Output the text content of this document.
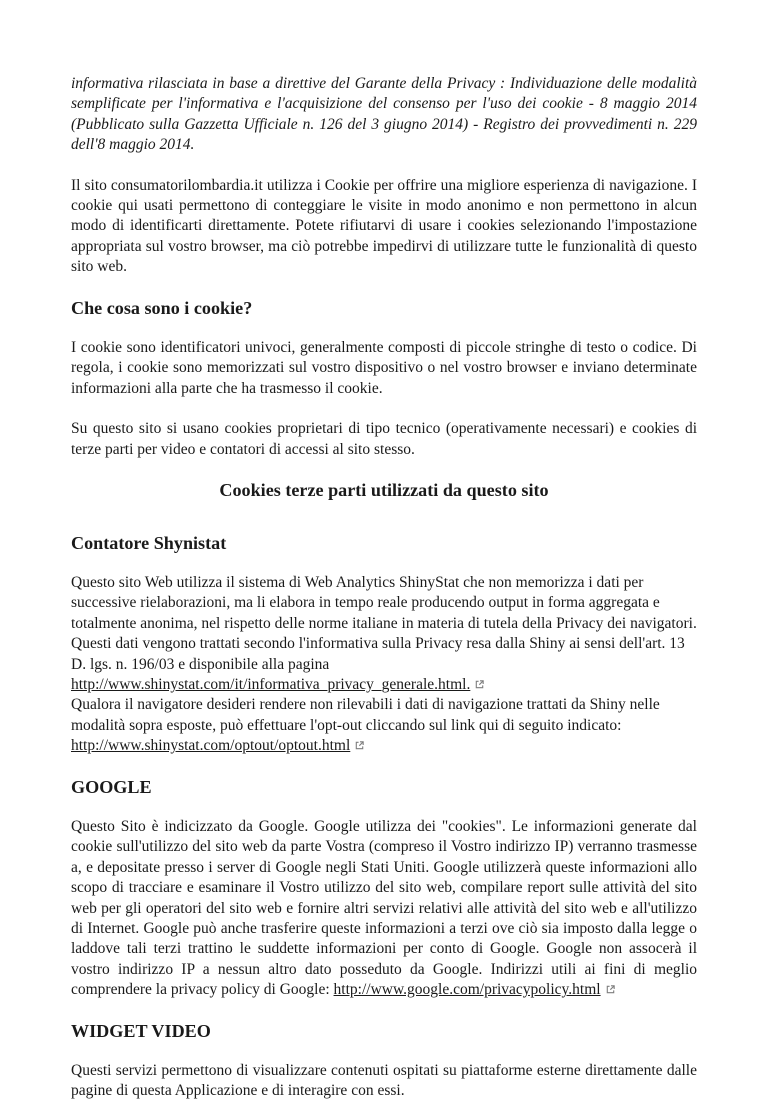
informativa rilasciata in base a direttive del Garante della Privacy : Individuazione delle modalità semplificate per l'informativa e l'acquisizione del consenso per l'uso dei cookie - 8 maggio 2014 (Pubblicato sulla Gazzetta Ufficiale n. 126 del 3 giugno 2014) - Registro dei provvedimenti n. 229 dell'8 maggio 2014.

Il sito consumatorilombardia.it utilizza i Cookie per offrire una migliore esperienza di navigazione. I cookie qui usati permettono di conteggiare le visite in modo anonimo e non permettono in alcun modo di identificarti direttamente. Potete rifiutarvi di usare i cookies selezionando l'impostazione appropriata sul vostro browser, ma ciò potrebbe impedirvi di utilizzare tutte le funzionalità di questo sito web.

Che cosa sono i cookie?

I cookie sono identificatori univoci, generalmente composti di piccole stringhe di testo o codice. Di regola, i cookie sono memorizzati sul vostro dispositivo o nel vostro browser e inviano determinate informazioni alla parte che ha trasmesso il cookie.

Su questo sito si usano cookies proprietari di tipo tecnico (operativamente necessari) e cookies di terze parti per video e contatori di accessi al sito stesso.

Cookies terze parti utilizzati da questo sito
Contatore Shynistat

Questo sito Web utilizza il sistema di Web Analytics ShinyStat che non memorizza i dati per successive rielaborazioni, ma li elabora in tempo reale producendo output in forma aggregata e totalmente anonima, nel rispetto delle norme italiane in materia di tutela della Privacy dei navigatori. Questi dati vengono trattati secondo l'informativa sulla Privacy resa dalla Shiny ai sensi dell'art. 13 D. lgs. n. 196/03 e disponibile alla pagina
http://www.shinystat.com/it/informativa_privacy_generale.html.

Qualora il navigatore desideri rendere non rilevabili i dati di navigazione trattati da Shiny nelle modalità sopra esposte, può effettuare l'opt-out cliccando sul link qui di seguito indicato:
http://www.shinystat.com/optout/optout.html

GOOGLE

Questo Sito è indicizzato da Google. Google utilizza dei "cookies". Le informazioni generate dal cookie sull'utilizzo del sito web da parte Vostra (compreso il Vostro indirizzo IP) verranno trasmesse a, e depositate presso i server di Google negli Stati Uniti. Google utilizzerà queste informazioni allo scopo di tracciare e esaminare il Vostro utilizzo del sito web, compilare report sulle attività del sito web per gli operatori del sito web e fornire altri servizi relativi alle attività del sito web e all'utilizzo di Internet. Google può anche trasferire queste informazioni a terzi ove ciò sia imposto dalla legge o laddove tali terzi trattino le suddette informazioni per conto di Google. Google non assocerà il vostro indirizzo IP a nessun altro dato posseduto da Google. Indirizzi utili ai fini di meglio comprendere la privacy policy di Google: http://www.google.com/privacypolicy.html

WIDGET VIDEO

Questi servizi permettono di visualizzare contenuti ospitati su piattaforme esterne direttamente dalle pagine di questa Applicazione e di interagire con essi.
